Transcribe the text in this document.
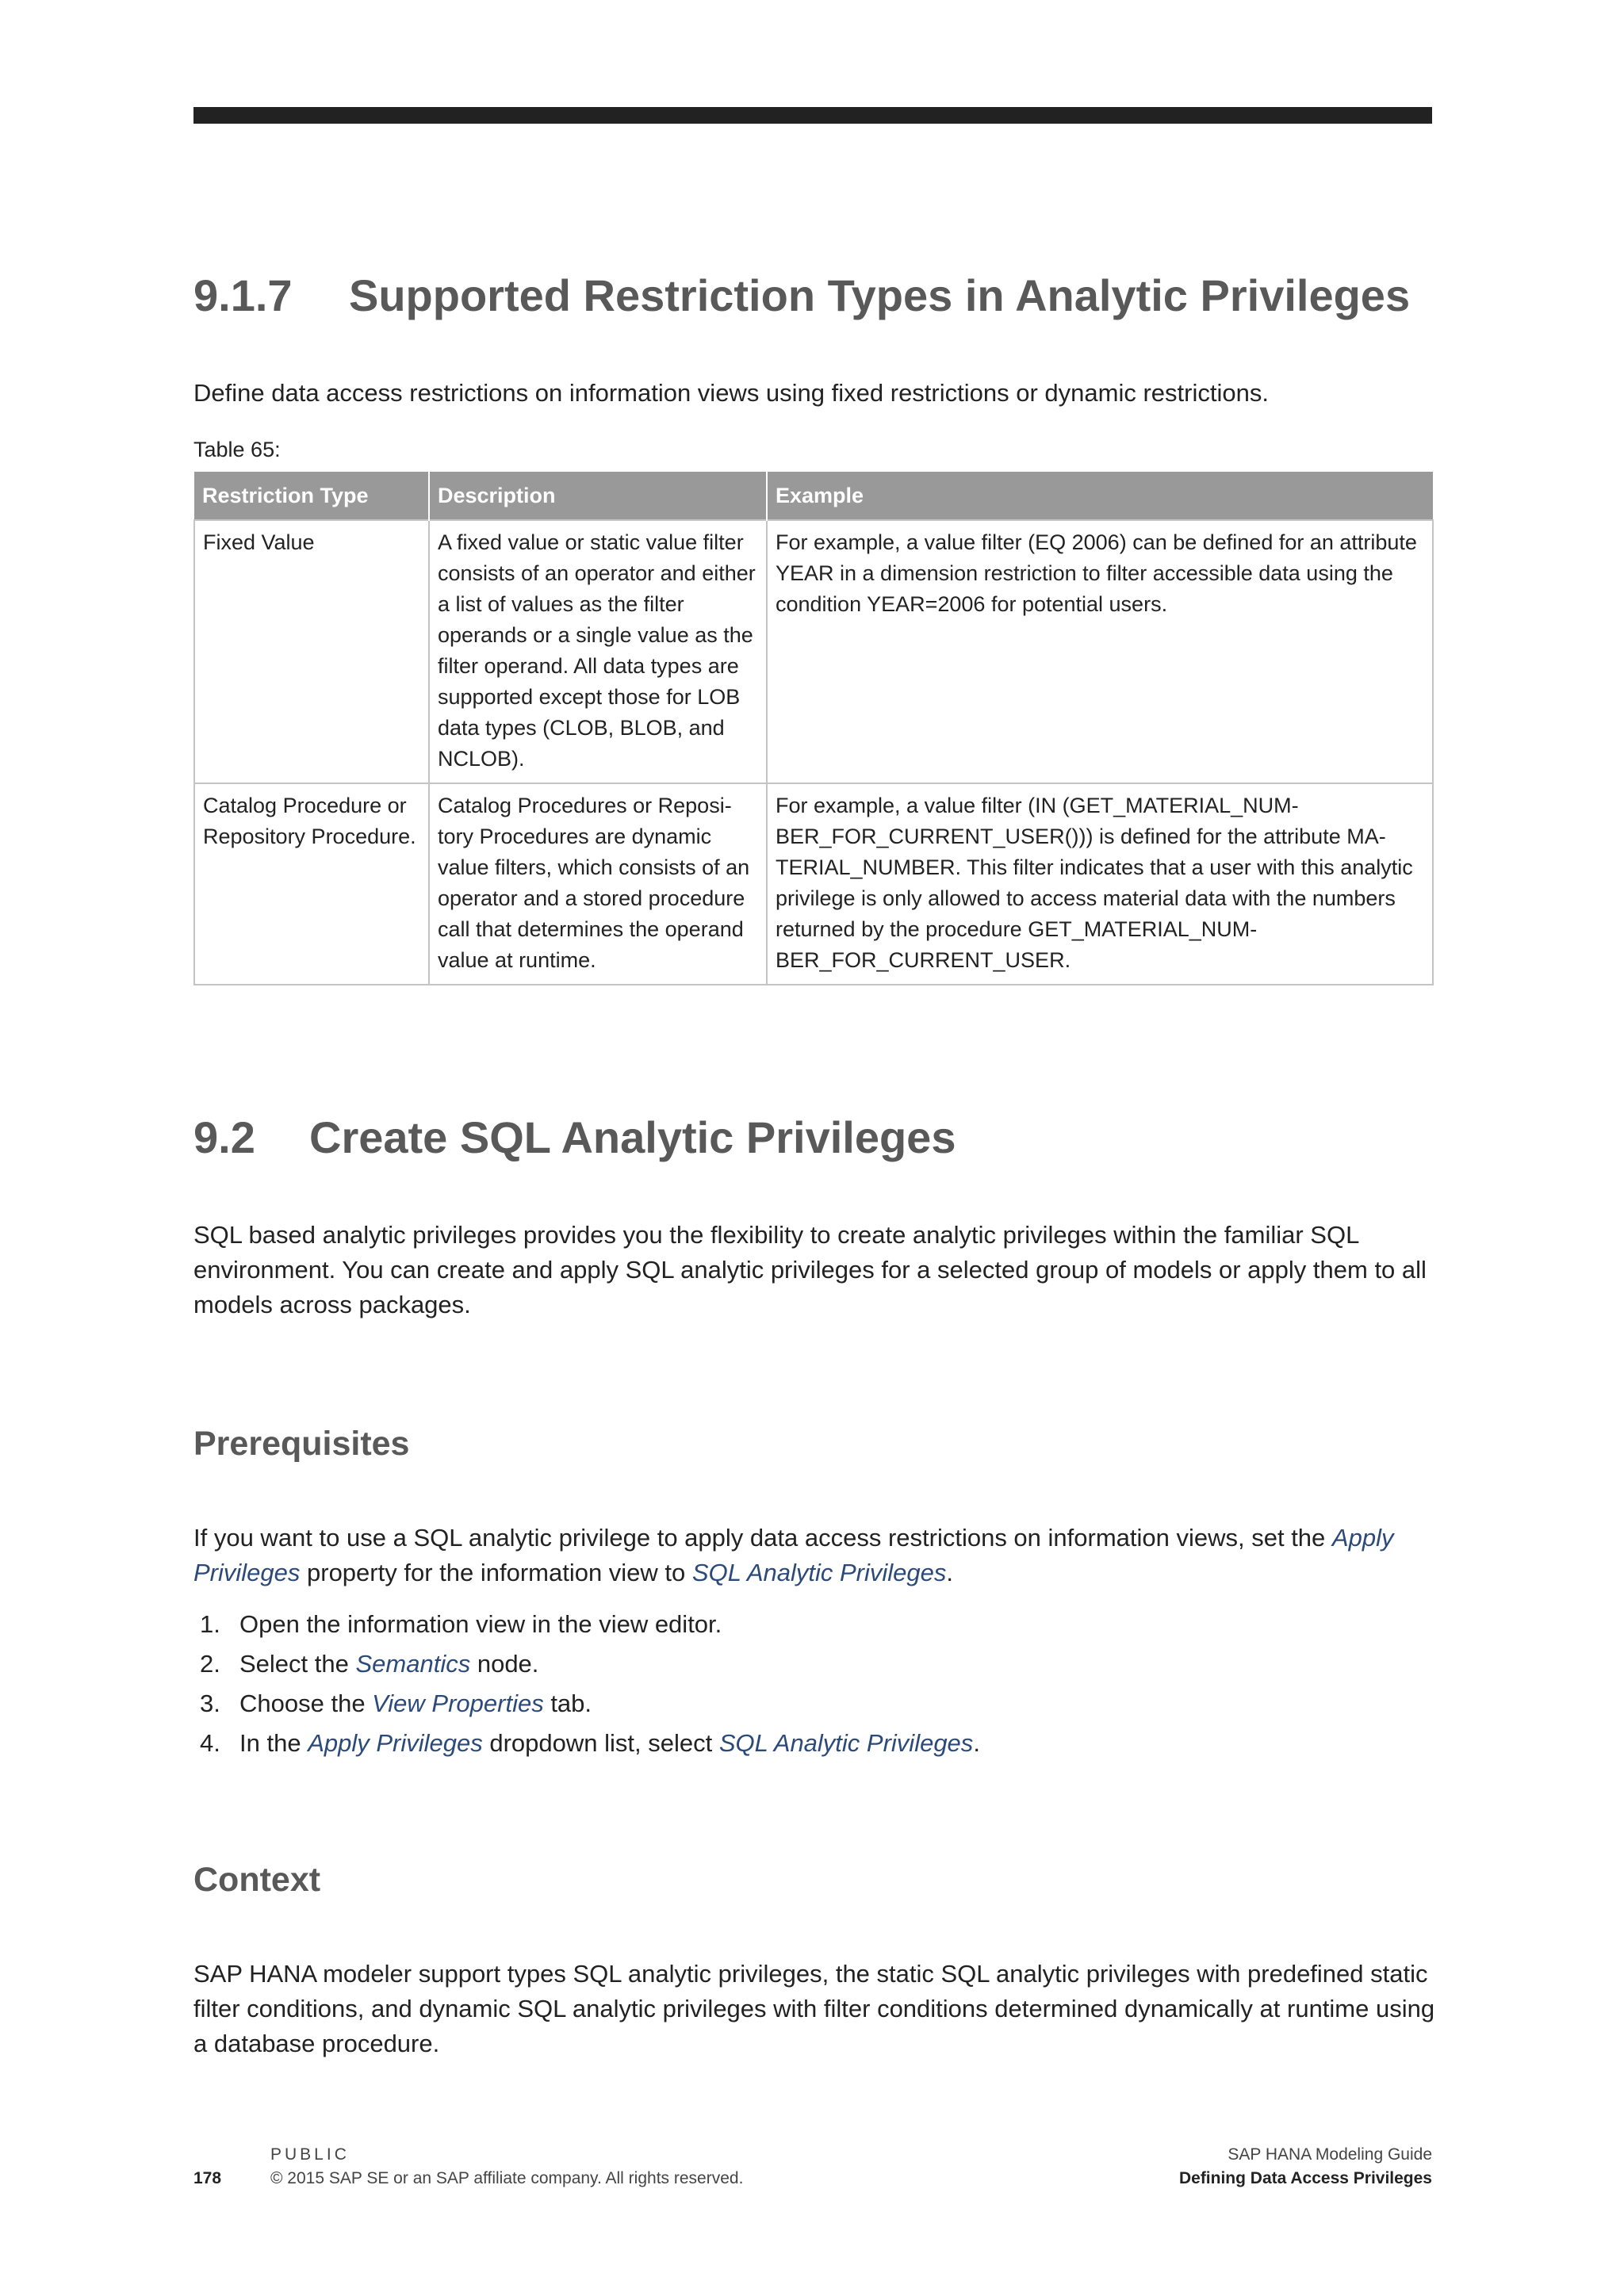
9.1.7 Supported Restriction Types in Analytic Privileges

Define data access restrictions on information views using fixed restrictions or dynamic restrictions.

Table 65:

Restriction Type	Description	Example
Fixed Value	A fixed value or static value filter consists of an operator and either a list of values as the filter operands or a single value as the filter operand. All data types are supported except those for LOB data types (CLOB, BLOB, and NCLOB).	For example, a value filter (EQ 2006) can be defined for an attribute YEAR in a dimension restriction to filter accessible data using the condition YEAR=2006 for potential users.
Catalog Procedure or Repository Procedure.	Catalog Procedures or Repository Procedures are dynamic value filters, which consists of an operator and a stored procedure call that determines the operand value at runtime.	For example, a value filter (IN (GET_MATERIAL_NUMBER_FOR_CURRENT_USER())) is defined for the attribute MATERIAL_NUMBER. This filter indicates that a user with this analytic privilege is only allowed to access material data with the numbers returned by the procedure GET_MATERIAL_NUMBER_FOR_CURRENT_USER.
9.2 Create SQL Analytic Privileges

SQL based analytic privileges provides you the flexibility to create analytic privileges within the familiar SQL environment. You can create and apply SQL analytic privileges for a selected group of models or apply them to all models across packages.

Prerequisites

If you want to use a SQL analytic privilege to apply data access restrictions on information views, set the Apply Privileges property for the information view to SQL Analytic Privileges.

1. Open the information view in the view editor.
2. Select the Semantics node.
3. Choose the View Properties tab.
4. In the Apply Privileges dropdown list, select SQL Analytic Privileges.
Context

SAP HANA modeler support types SQL analytic privileges, the static SQL analytic privileges with predefined static filter conditions, and dynamic SQL analytic privileges with filter conditions determined dynamically at runtime using a database procedure.

PUBLIC
178	© 2015 SAP SE or an SAP affiliate company. All rights reserved.
SAP HANA Modeling Guide
Defining Data Access Privileges
